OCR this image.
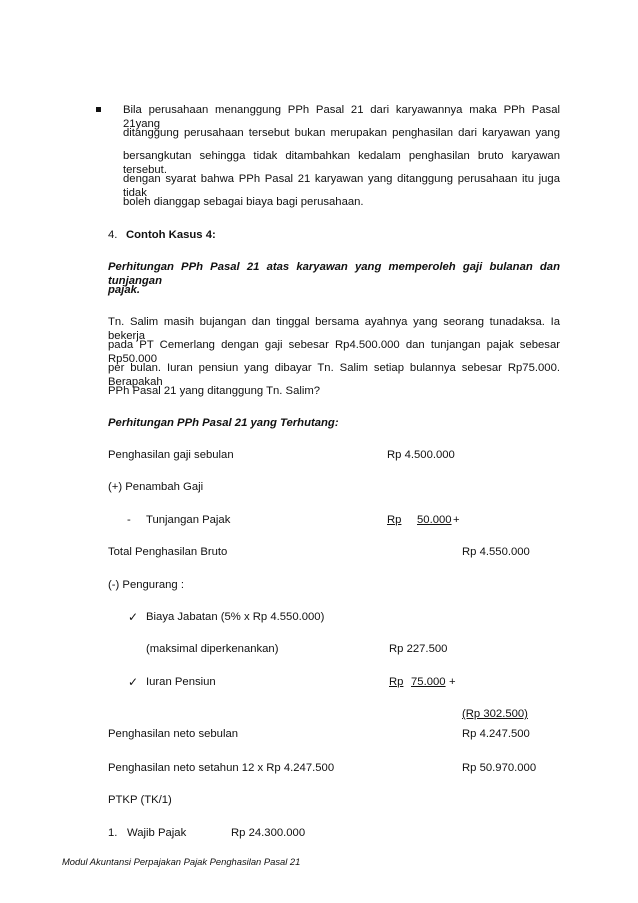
Bila perusahaan menanggung PPh Pasal 21 dari karyawannya maka PPh Pasal 21yang
ditanggung perusahaan tersebut bukan merupakan penghasilan dari karyawan yang
bersangkutan sehingga tidak ditambahkan kedalam penghasilan bruto karyawan tersebut.
dengan syarat bahwa PPh Pasal 21 karyawan yang ditanggung perusahaan itu juga tidak
boleh dianggap sebagai biaya bagi perusahaan.
4. Contoh Kasus 4:
Perhitungan PPh Pasal 21 atas karyawan yang memperoleh gaji bulanan dan tunjangan
pajak.
Tn. Salim masih bujangan dan tinggal bersama ayahnya yang seorang tunadaksa. Ia bekerja
pada PT Cemerlang dengan gaji sebesar Rp4.500.000 dan tunjangan pajak sebesar Rp50.000
per bulan. Iuran pensiun yang dibayar Tn. Salim setiap bulannya sebesar Rp75.000. Berapakah
PPh Pasal 21 yang ditanggung Tn. Salim?
Perhitungan PPh Pasal 21 yang Terhutang:
Penghasilan gaji sebulan	Rp 4.500.000
(+) Penambah Gaji
- Tunjangan Pajak	Rp	50.000 +
Total Penghasilan Bruto	Rp 4.550.000
(-) Pengurang :
✓ Biaya Jabatan (5% x Rp 4.550.000)
(maksimal diperkenankan)	Rp 227.500
✓ Iuran Pensiun	Rp 75.000 +
(Rp 302.500)
Penghasilan neto sebulan	Rp 4.247.500
Penghasilan neto setahun 12 x Rp 4.247.500	Rp 50.970.000
PTKP (TK/1)
1. Wajib Pajak	Rp 24.300.000
Modul Akuntansi Perpajakan Pajak Penghasilan Pasal 21
